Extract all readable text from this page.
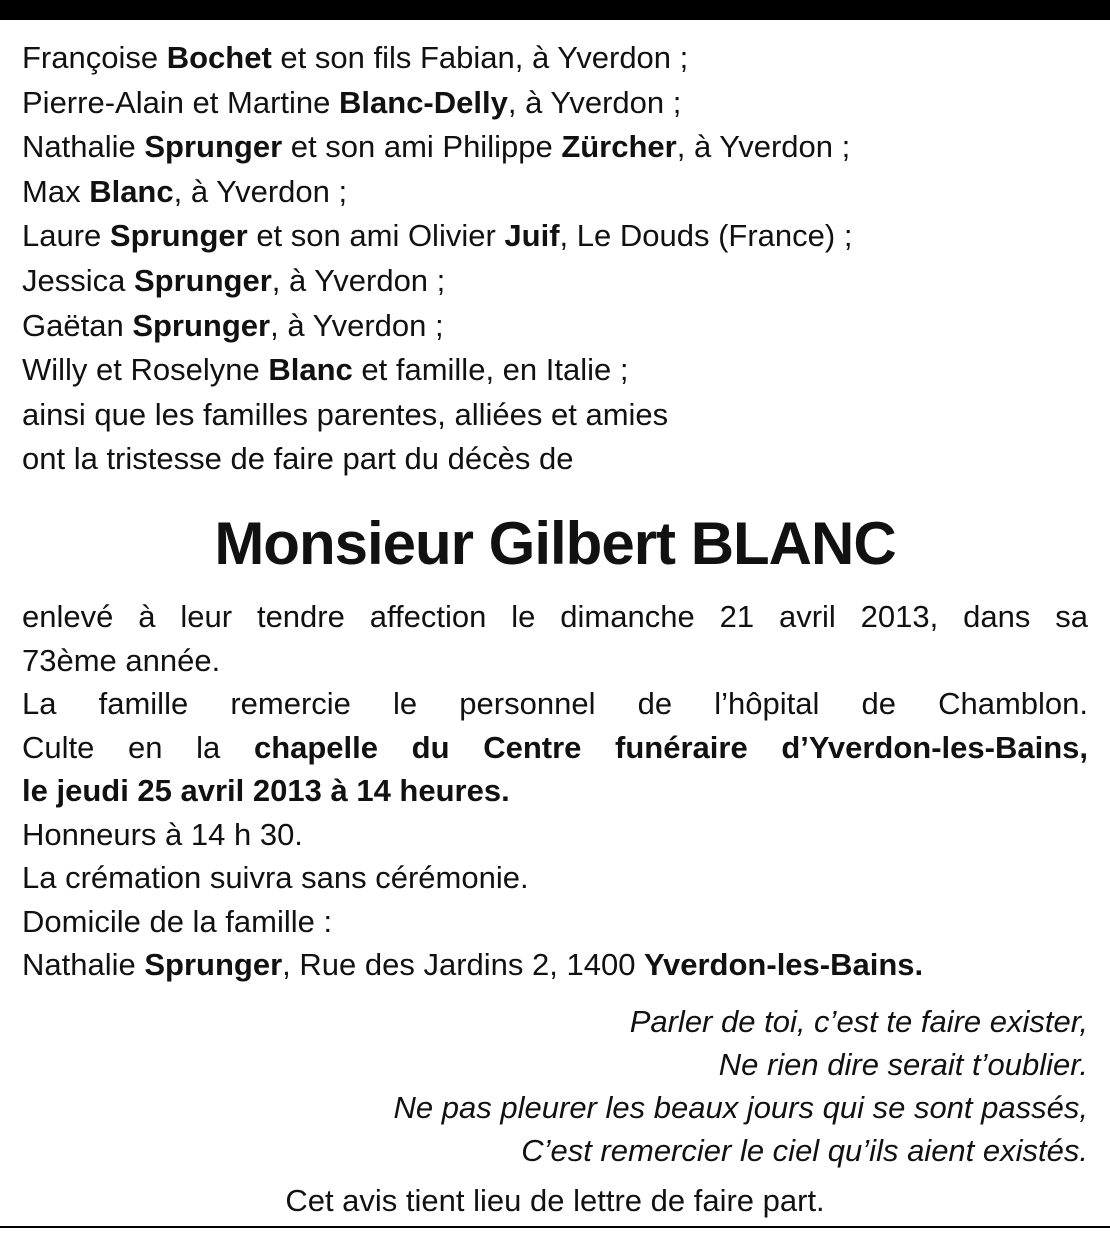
Françoise Bochet et son fils Fabian, à Yverdon ;

Pierre-Alain et Martine Blanc-Delly, à Yverdon ;

Nathalie Sprunger et son ami Philippe Zürcher, à Yverdon ;

Max Blanc, à Yverdon ;

Laure Sprunger et son ami Olivier Juif, Le Douds (France) ;

Jessica Sprunger, à Yverdon ;

Gaëtan Sprunger, à Yverdon ;

Willy et Roselyne Blanc et famille, en Italie ;

ainsi que les familles parentes, alliées et amies

ont la tristesse de faire part du décès de

Monsieur Gilbert BLANC

enlevé à leur tendre affection le dimanche 21 avril 2013, dans sa

73ème année.

La famille remercie le personnel de l’hôpital de Chamblon.

Culte en la chapelle du Centre funéraire d’Yverdon-les-Bains,

le jeudi 25 avril 2013 à 14 heures.

Honneurs à 14 h 30.

La crémation suivra sans cérémonie.

Domicile de la famille :

Nathalie Sprunger, Rue des Jardins 2, 1400 Yverdon-les-Bains.

Parler de toi, c’est te faire exister,

Ne rien dire serait t’oublier.

Ne pas pleurer les beaux jours qui se sont passés,

C’est remercier le ciel qu’ils aient existés.

Cet avis tient lieu de lettre de faire part.
